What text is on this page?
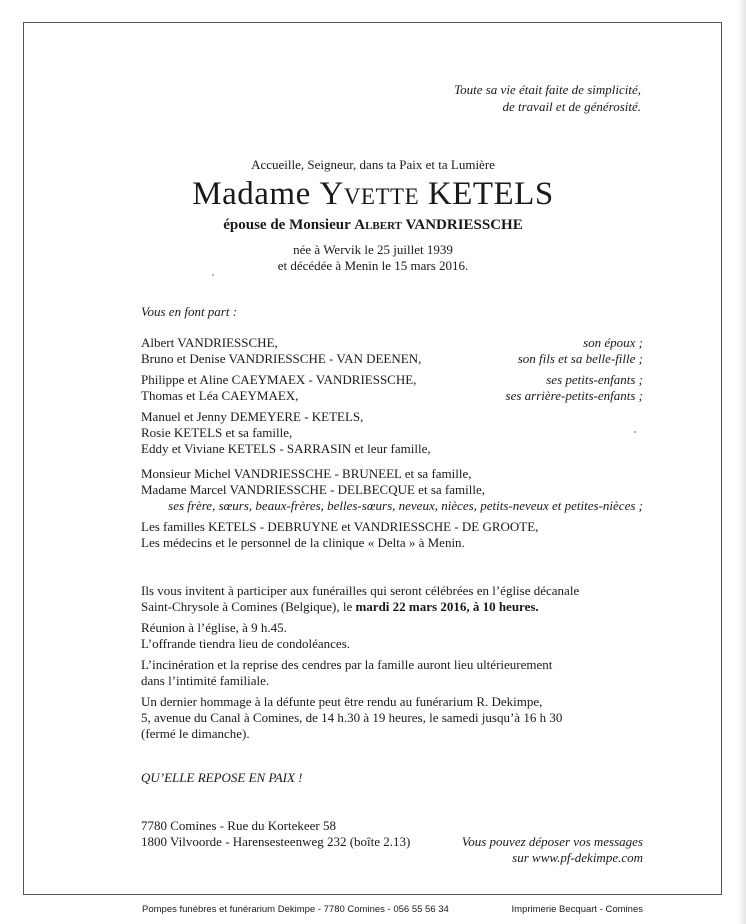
Toute sa vie était faite de simplicité,
de travail et de générosité.
Accueille, Seigneur, dans ta Paix et ta Lumière
Madame Yvette KETELS
épouse de Monsieur Albert VANDRIESSCHE
née à Wervik le 25 juillet 1939
et décédée à Menin le 15 mars 2016.
Vous en font part :
Albert VANDRIESSCHE,	son époux ;
Bruno et Denise VANDRIESSCHE - VAN DEENEN,	son fils et sa belle-fille ;
Philippe et Aline CAEYMAEX - VANDRIESSCHE,	ses petits-enfants ;
Thomas et Léa CAEYMAEX,	ses arrière-petits-enfants ;
Manuel et Jenny DEMEYERE - KETELS,
Rosie KETELS et sa famille,
Eddy et Viviane KETELS - SARRASIN et leur famille,
Monsieur Michel VANDRIESSCHE - BRUNEEL et sa famille,
Madame Marcel VANDRIESSCHE - DELBECQUE et sa famille,
ses frère, sœurs, beaux-frères, belles-sœurs, neveux, nièces, petits-neveux et petites-nièces ;
Les familles KETELS - DEBRUYNE et VANDRIESSCHE - DE GROOTE,
Les médecins et le personnel de la clinique « Delta » à Menin.
Ils vous invitent à participer aux funérailles qui seront célébrées en l’église décanale
Saint-Chrysole à Comines (Belgique), le mardi 22 mars 2016, à 10 heures.
Réunion à l’église, à 9 h.45.
L’offrande tiendra lieu de condoléances.
L’incinération et la reprise des cendres par la famille auront lieu ultérieurement
dans l’intimité familiale.
Un dernier hommage à la défunte peut être rendu au funérarium R. Dekimpe,
5, avenue du Canal à Comines, de 14 h.30 à 19 heures, le samedi jusqu’à 16 h 30
(fermé le dimanche).
QU’ELLE REPOSE EN PAIX !
7780 Comines - Rue du Kortekeer 58
1800 Vilvoorde - Harensesteenweg 232 (boîte 2.13)	Vous pouvez déposer vos messages
sur www.pf-dekimpe.com
Pompes funèbres et funérarium Dekimpe - 7780 Comines - 056 55 56 34	Imprimerie Becquart - Comines
